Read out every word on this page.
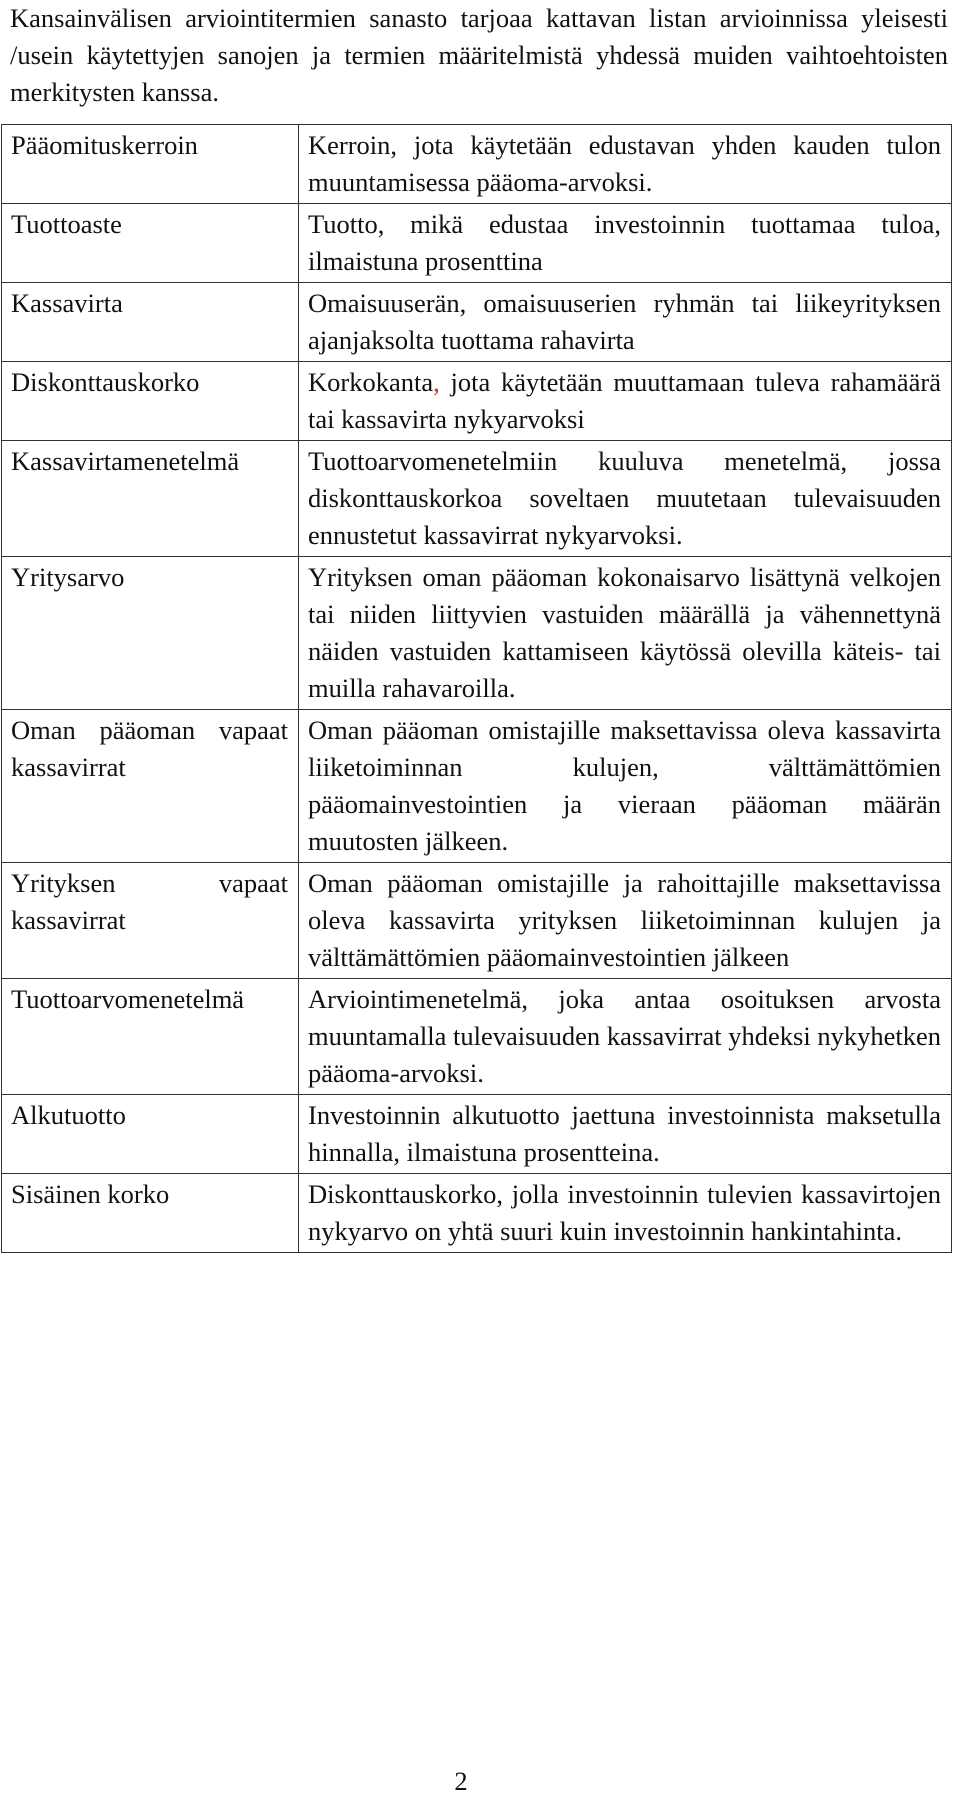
Kansainvälisen arviointitermien sanasto tarjoaa kattavan listan arvioinnissa yleisesti /usein käytettyjen sanojen ja termien määritelmistä yhdessä muiden vaihtoehtoisten merkitysten kanssa.

Pääomituskerroin	Kerroin, jota käytetään edustavan yhden kauden tulon muuntamisessa pääoma-arvoksi.
Tuottoaste	Tuotto, mikä edustaa investoinnin tuottamaa tuloa, ilmaistuna prosenttina
Kassavirta	Omaisuuserän, omaisuuserien ryhmän tai liikeyrityksen ajanjaksolta tuottama rahavirta
Diskonttauskorko	Korkokanta, jota käytetään muuttamaan tuleva rahamäärä tai kassavirta nykyarvoksi
Kassavirtamenetelmä	Tuottoarvomenetelmiin kuuluva menetelmä, jossa diskonttauskorkoa soveltaen muutetaan tulevaisuuden ennustetut kassavirrat nykyarvoksi.
Yritysarvo	Yrityksen oman pääoman kokonaisarvo lisättynä velkojen tai niiden liittyvien vastuiden määrällä ja vähennettynä näiden vastuiden kattamiseen käytössä olevilla käteis- tai muilla rahavaroilla.
Oman pääoman vapaat kassavirrat	Oman pääoman omistajille maksettavissa oleva kassavirta liiketoiminnan kulujen, välttämättömien pääomainvestointien ja vieraan pääoman määrän muutosten jälkeen.
Yrityksen vapaat kassavirrat	Oman pääoman omistajille ja rahoittajille maksettavissa oleva kassavirta yrityksen liiketoiminnan kulujen ja välttämättömien pääomainvestointien jälkeen
Tuottoarvomenetelmä	Arviointimenetelmä, joka antaa osoituksen arvosta muuntamalla tulevaisuuden kassavirrat yhdeksi nykyhetken pääoma-arvoksi.
Alkutuotto	Investoinnin alkutuotto jaettuna investoinnista maksetulla hinnalla, ilmaistuna prosentteina.
Sisäinen korko	Diskonttauskorko, jolla investoinnin tulevien kassavirtojen nykyarvo on yhtä suuri kuin investoinnin hankintahinta.
2
